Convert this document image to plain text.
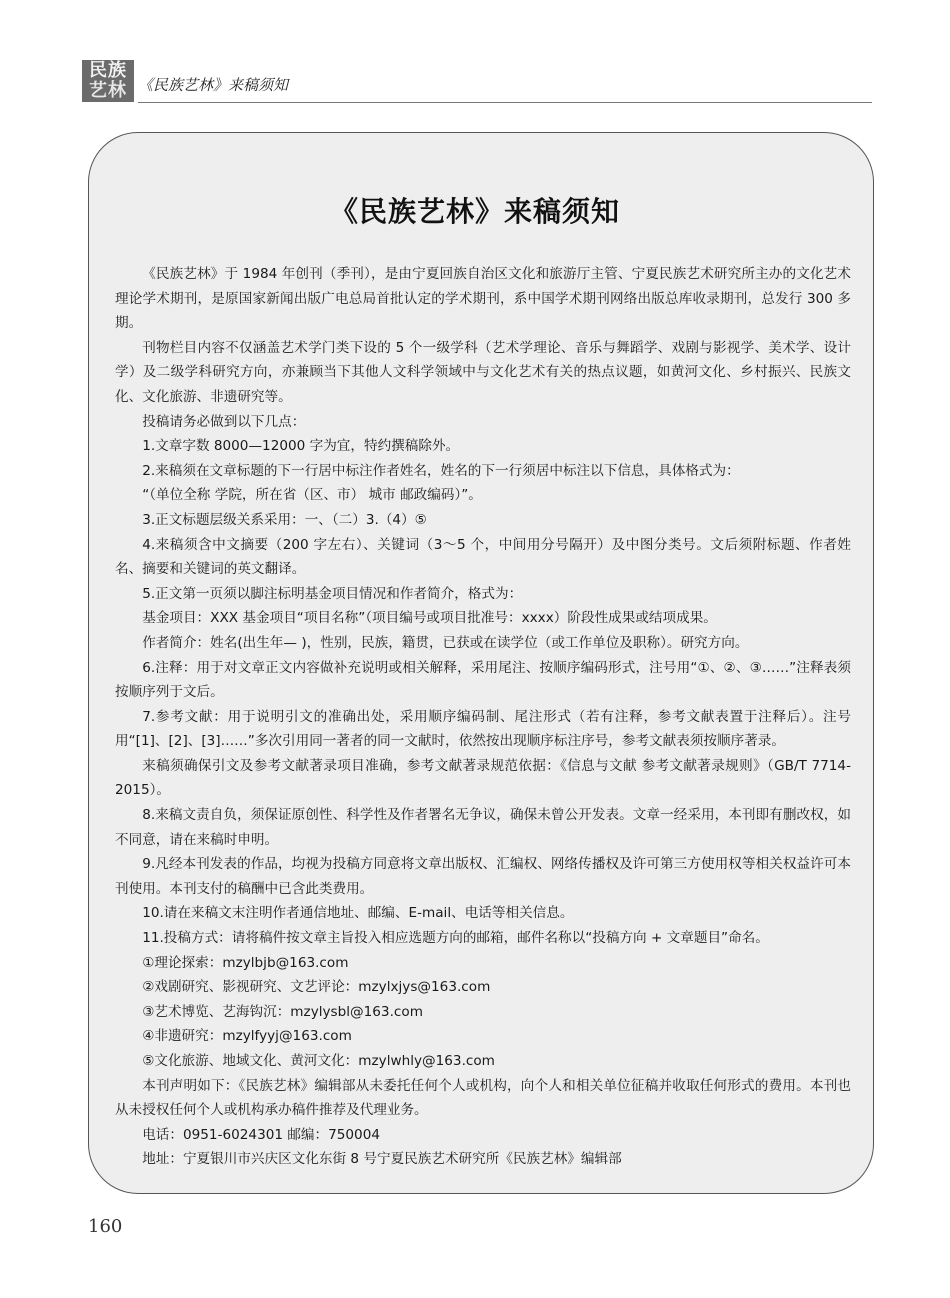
民族
艺林 《民族艺林》来稿须知
《民族艺林》来稿须知

《民族艺林》于 1984 年创刊（季刊），是由宁夏回族自治区文化和旅游厅主管、宁夏民族艺术研究所主办的文化艺术理论学术期刊，是原国家新闻出版广电总局首批认定的学术期刊，系中国学术期刊网络出版总库收录期刊，总发行 300 多期。

刊物栏目内容不仅涵盖艺术学门类下设的 5 个一级学科（艺术学理论、音乐与舞蹈学、戏剧与影视学、美术学、设计学）及二级学科研究方向，亦兼顾当下其他人文科学领域中与文化艺术有关的热点议题，如黄河文化、乡村振兴、民族文化、文化旅游、非遗研究等。

投稿请务必做到以下几点：

1.文章字数 8000—12000 字为宜，特约撰稿除外。

2.来稿须在文章标题的下一行居中标注作者姓名，姓名的下一行须居中标注以下信息，具体格式为：

“（单位全称 学院，所在省（区、市） 城市 邮政编码）”。

3.正文标题层级关系采用：一、（二）3.（4）⑤

4.来稿须含中文摘要（200 字左右）、关键词（3～5 个，中间用分号隔开）及中图分类号。文后须附标题、作者姓名、摘要和关键词的英文翻译。

5.正文第一页须以脚注标明基金项目情况和作者简介，格式为：

基金项目：XXX 基金项目“项目名称”（项目编号或项目批准号：xxxx）阶段性成果或结项成果。

作者简介：姓名(出生年— )，性别，民族，籍贯，已获或在读学位（或工作单位及职称）。研究方向。

6.注释：用于对文章正文内容做补充说明或相关解释，采用尾注、按顺序编码形式，注号用“①、②、③……”注释表须按顺序列于文后。

7.参考文献：用于说明引文的准确出处，采用顺序编码制、尾注形式（若有注释，参考文献表置于注释后）。注号用“[1]、[2]、[3]……”多次引用同一著者的同一文献时，依然按出现顺序标注序号，参考文献表须按顺序著录。

来稿须确保引文及参考文献著录项目准确，参考文献著录规范依据：《信息与文献 参考文献著录规则》（GB/T 7714-2015）。

8.来稿文责自负，须保证原创性、科学性及作者署名无争议，确保未曾公开发表。文章一经采用，本刊即有删改权，如不同意，请在来稿时申明。

9.凡经本刊发表的作品，均视为投稿方同意将文章出版权、汇编权、网络传播权及许可第三方使用权等相关权益许可本刊使用。本刊支付的稿酬中已含此类费用。

10.请在来稿文末注明作者通信地址、邮编、E-mail、电话等相关信息。

11.投稿方式：请将稿件按文章主旨投入相应选题方向的邮箱，邮件名称以“投稿方向 + 文章题目”命名。

①理论探索：mzylbjb@163.com

②戏剧研究、影视研究、文艺评论：mzylxjys@163.com

③艺术博览、艺海钩沉：mzylysbl@163.com

④非遗研究：mzylfyyj@163.com

⑤文化旅游、地域文化、黄河文化：mzylwhly@163.com

本刊声明如下：《民族艺林》编辑部从未委托任何个人或机构，向个人和相关单位征稿并收取任何形式的费用。本刊也从未授权任何个人或机构承办稿件推荐及代理业务。

电话：0951-6024301 邮编：750004

地址：宁夏银川市兴庆区文化东街 8 号宁夏民族艺术研究所《民族艺林》编辑部

160
